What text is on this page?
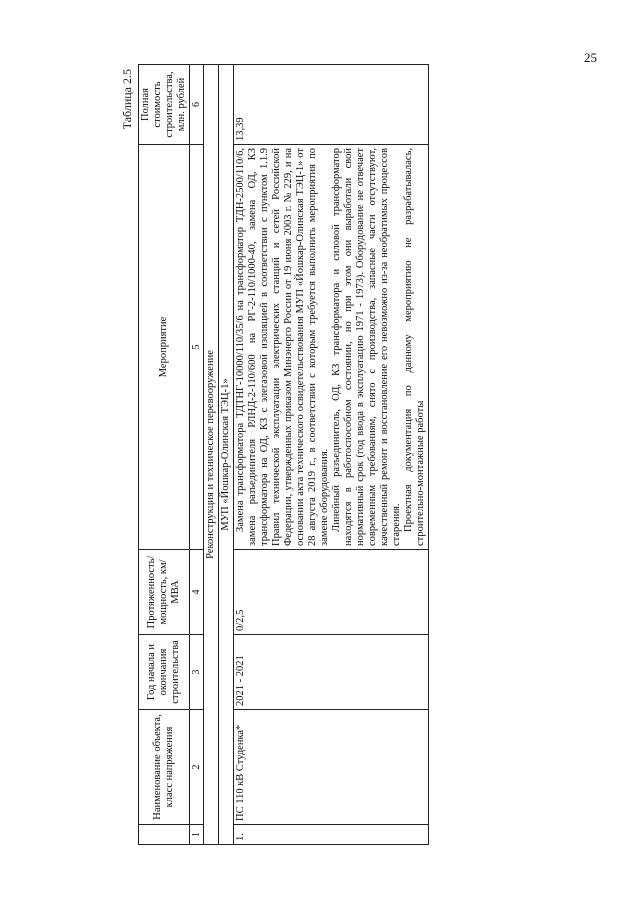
25
Таблица 2.5
	Наименование объекта, класс напряжения	Год начала и окончания строительства	Протяженность/ мощность, км/МВА	Мероприятие	Полная стоимость строительства, млн. рублей
1	2	3	4	5	6
Реконструкция и техническое перевооружение					
МУП «Йошкар-Олинская ТЭЦ-1»					
1.	ПС 110 кВ Студенка*	2021 - 2021	0/2,5	Замена трансформатора ТДТНГ-10000/110/35/6 на трансформатор ТДН-2500/110/6, замена разъединителя РЛНД-2-110/600 на РГ-2-110/1000-40, замена ОД, КЗ трансформатора на ОД, КЗ с элегазовой изоляцией в соответствии с пунктом 1.1.9 Правил технической эксплуатации электрических станций и сетей Российской Федерации, утвержденных приказом Минэнерго России от 19 июня 2003 г. № 229, и на основании акта технического освидетельствования МУП «Йошкар-Олинская ТЭЦ-1» от 28 августа 2019 г., в соответствии с которым требуется выполнить мероприятия по замене оборудования. Линейный разъединитель, ОД, КЗ трансформатора и силовой трансформатор находятся в работоспособном состоянии, но при этом они выработали свой нормативный срок (год ввода в эксплуатацию 1971 - 1973). Оборудование не отвечает современным требованиям, снято с производства, запасные части отсутствуют, качественный ремонт и восстановление его невозможно из-за необратимых процессов старения. Проектная документация по данному мероприятию не разрабатывалась, строительно-монтажные работы	13,39
